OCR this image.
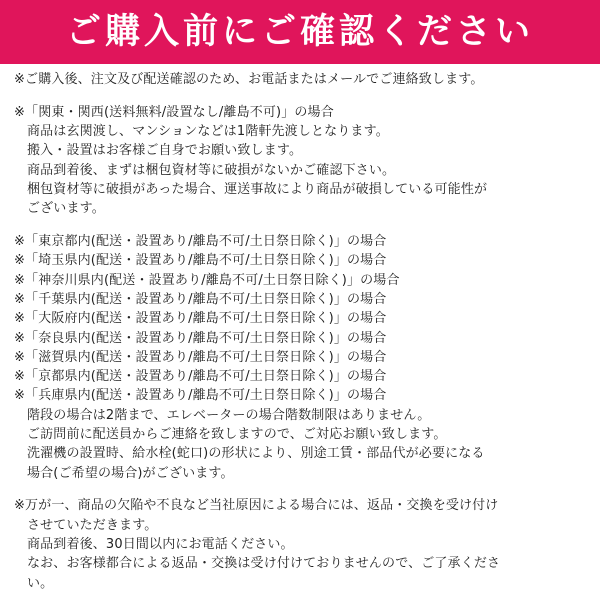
ご購入前にご確認ください
※ご購入後、注文及び配送確認のため、お電話またはメールでご連絡致します。
※「関東・関西(送料無料/設置なし/離島不可)」の場合
商品は玄関渡し、マンションなどは1階軒先渡しとなります。
搬入・設置はお客様ご自身でお願い致します。
商品到着後、まずは梱包資材等に破損がないかご確認下さい。
梱包資材等に破損があった場合、運送事故により商品が破損している可能性が
ございます。
※「東京都内(配送・設置あり/離島不可/土日祭日除く)」の場合
※「埼玉県内(配送・設置あり/離島不可/土日祭日除く)」の場合
※「神奈川県内(配送・設置あり/離島不可/土日祭日除く)」の場合
※「千葉県内(配送・設置あり/離島不可/土日祭日除く)」の場合
※「大阪府内(配送・設置あり/離島不可/土日祭日除く)」の場合
※「奈良県内(配送・設置あり/離島不可/土日祭日除く)」の場合
※「滋賀県内(配送・設置あり/離島不可/土日祭日除く)」の場合
※「京都県内(配送・設置あり/離島不可/土日祭日除く)」の場合
※「兵庫県内(配送・設置あり/離島不可/土日祭日除く)」の場合
階段の場合は2階まで、エレベーターの場合階数制限はありません。
ご訪問前に配送員からご連絡を致しますので、ご対応お願い致します。
洗濯機の設置時、給水栓(蛇口)の形状により、別途工賃・部品代が必要になる
場合(ご希望の場合)がございます。
※万が一、商品の欠陥や不良など当社原因による場合には、返品・交換を受け付け
させていただきます。
商品到着後、30日間以内にお電話ください。
なお、お客様都合による返品・交換は受け付けておりませんので、ご了承くださ
い。
